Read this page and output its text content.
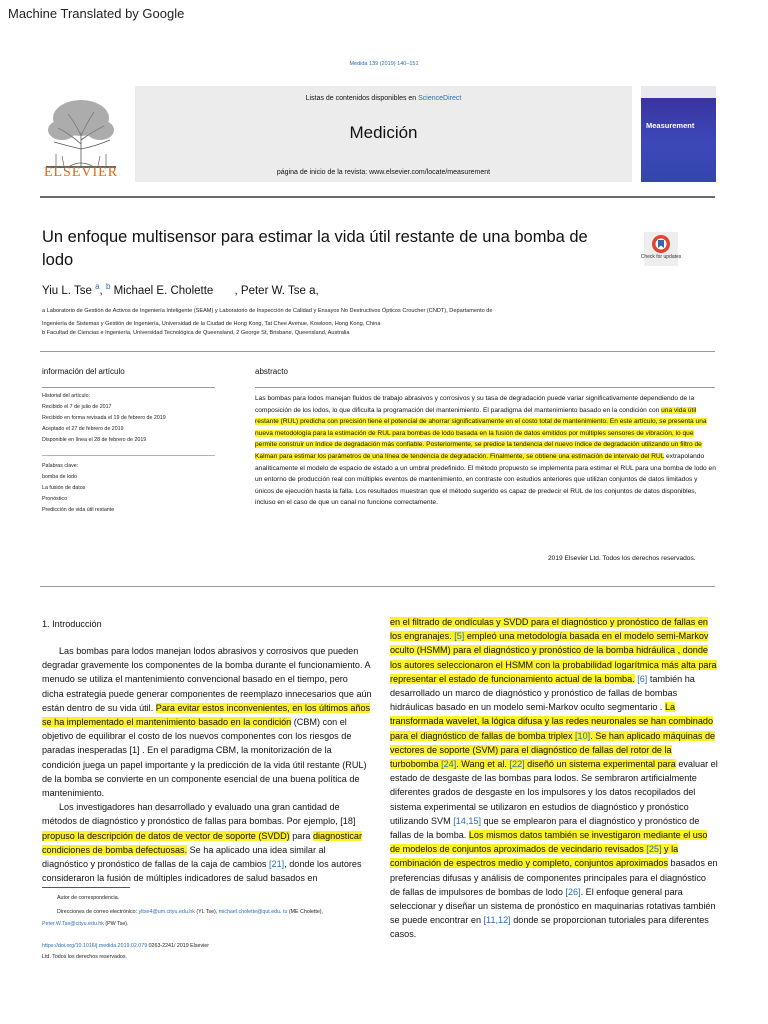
Machine Translated by Google
Medida 139 (2019) 140–151
ELSEVIER
Listas de contenidos disponibles en ScienceDirect
Medición
página de inicio de la revista: www.elsevier.com/locate/measurement
Measurement
Un enfoque multisensor para estimar la vida útil restante de una bomba de lodo	Check for updates
Yiu L. Tse $^a$, $^b$ Michael E. Cholette , Peter W. Tse a,
a Laboratorio de Gestión de Activos de Ingeniería Inteligente (SEAM) y Laboratorio de Inspección de Calidad y Ensayos No Destructivos Ópticos Croucher (CNDT), Departamento de
Ingeniería de Sistemas y Gestión de Ingeniería, Universidad de la Ciudad de Hong Kong, Tat Chee Avenue, Kowloon, Hong Kong, China
b Facultad de Ciencias e Ingeniería, Universidad Tecnológica de Queensland, 2 George St, Brisbane, Queensland, Australia
información del artículo
Historial del artículo:
Recibido el 7 de julio de 2017
Recibido en forma revisada el 19 de febrero de 2019
Aceptado el 27 de febrero de 2019
Disponible en línea el 28 de febrero de 2019
Palabras clave:
bomba de lodo
La fusión de datos
Pronóstico
Predicción de vida útil restante
abstracto
Las bombas para lodos manejan fluidos de trabajo abrasivos y corrosivos y su tasa de degradación puede variar significativamente dependiendo de la composición de los lodos, lo que dificulta la programación del mantenimiento. El paradigma del mantenimiento basado en la condición con una vida útil restante (RUL) predicha con precisión tiene el potencial de ahorrar significativamente en el costo total de mantenimiento. En este artículo, se presenta una nueva metodología para la estimación de RUL para bombas de lodo basada en la fusión de datos emitidos por múltiples sensores de vibración, lo que permite construir un índice de degradación más confiable. Posteriormente, se predice la tendencia del nuevo índice de degradación utilizando un filtro de Kalman para estimar los parámetros de una línea de tendencia de degradación. Finalmente, se obtiene una estimación de intervalo del RUL extrapolando analíticamente el modelo de espacio de estado a un umbral predefinido. El método propuesto se implementa para estimar el RUL para una bomba de lodo en un entorno de producción real con múltiples eventos de mantenimiento, en contraste con estudios anteriores que utilizan conjuntos de datos limitados y únicos de ejecución hasta la falla. Los resultados muestran que el método sugerido es capaz de predecir el RUL de los conjuntos de datos disponibles, incluso en el caso de que un canal no funcione correctamente.
2019 Elsevier Ltd. Todos los derechos reservados.
1. Introducción

Las bombas para lodos manejan lodos abrasivos y corrosivos que pueden degradar gravemente los componentes de la bomba durante el funcionamiento. A menudo se utiliza el mantenimiento convencional basado en el tiempo, pero dicha estrategia puede generar componentes de reemplazo innecesarios que aún están dentro de su vida útil. Para evitar estos inconvenientes, en los últimos años se ha implementado el mantenimiento basado en la condición (CBM) con el objetivo de equilibrar el costo de los nuevos componentes con los riesgos de paradas inesperadas [1] . En el paradigma CBM, la monitorización de la condición juega un papel importante y la predicción de la vida útil restante (RUL) de la bomba se convierte en un componente esencial de una buena política de mantenimiento.

Los investigadores han desarrollado y evaluado una gran cantidad de métodos de diagnóstico y pronóstico de fallas para bombas. Por ejemplo, [18] propuso la descripción de datos de vector de soporte (SVDD) para diagnosticar condiciones de bomba defectuosas. Se ha aplicado una idea similar al diagnóstico y pronóstico de fallas de la caja de cambios [21], donde los autores consideraron la fusión de múltiples indicadores de salud basados en

en el filtrado de ondículas y SVDD para el diagnóstico y pronóstico de fallas en los engranajes. [5] empleó una metodología basada en el modelo semi-Markov oculto (HSMM) para el diagnóstico y pronóstico de la bomba hidráulica , donde los autores seleccionaron el HSMM con la probabilidad logarítmica más alta para representar el estado de funcionamiento actual de la bomba. [6] también ha desarrollado un marco de diagnóstico y pronóstico de fallas de bombas hidráulicas basado en un modelo semi-Markov oculto segmentario . La transformada wavelet, la lógica difusa y las redes neuronales se han combinado para el diagnóstico de fallas de bomba triplex [10]. Se han aplicado máquinas de vectores de soporte (SVM) para el diagnóstico de fallas del rotor de la turbobomba [24]. Wang et al. [22] diseñó un sistema experimental para evaluar el estado de desgaste de las bombas para lodos. Se sembraron artificialmente diferentes grados de desgaste en los impulsores y los datos recopilados del sistema experimental se utilizaron en estudios de diagnóstico y pronóstico utilizando SVM [14,15] que se emplearon para el diagnóstico y pronóstico de fallas de la bomba. Los mismos datos también se investigaron mediante el uso de modelos de conjuntos aproximados de vecindario revisados [25] y la combinación de espectros medio y completo, conjuntos aproximados basados en preferencias difusas y análisis de componentes principales para el diagnóstico de fallas de impulsores de bombas de lodo [26]. El enfoque general para seleccionar y diseñar un sistema de pronóstico en maquinarias rotativas también se puede encontrar en [11,12] donde se proporcionan tutoriales para diferentes casos.

Autor de correspondencia.
Direcciones de correo electrónico: yltse4@um.cityu.edu.hk (YL Tse), michael.cholette@qut.edu. tu (ME Cholette),
Peter.W.Tse@cityu.edu.hk (PW Tse).
https://doi.org/10.1016/j.medida.2019.02.079 0263-2241/ 2019 Elsevier
Ltd. Todos los derechos reservados.
